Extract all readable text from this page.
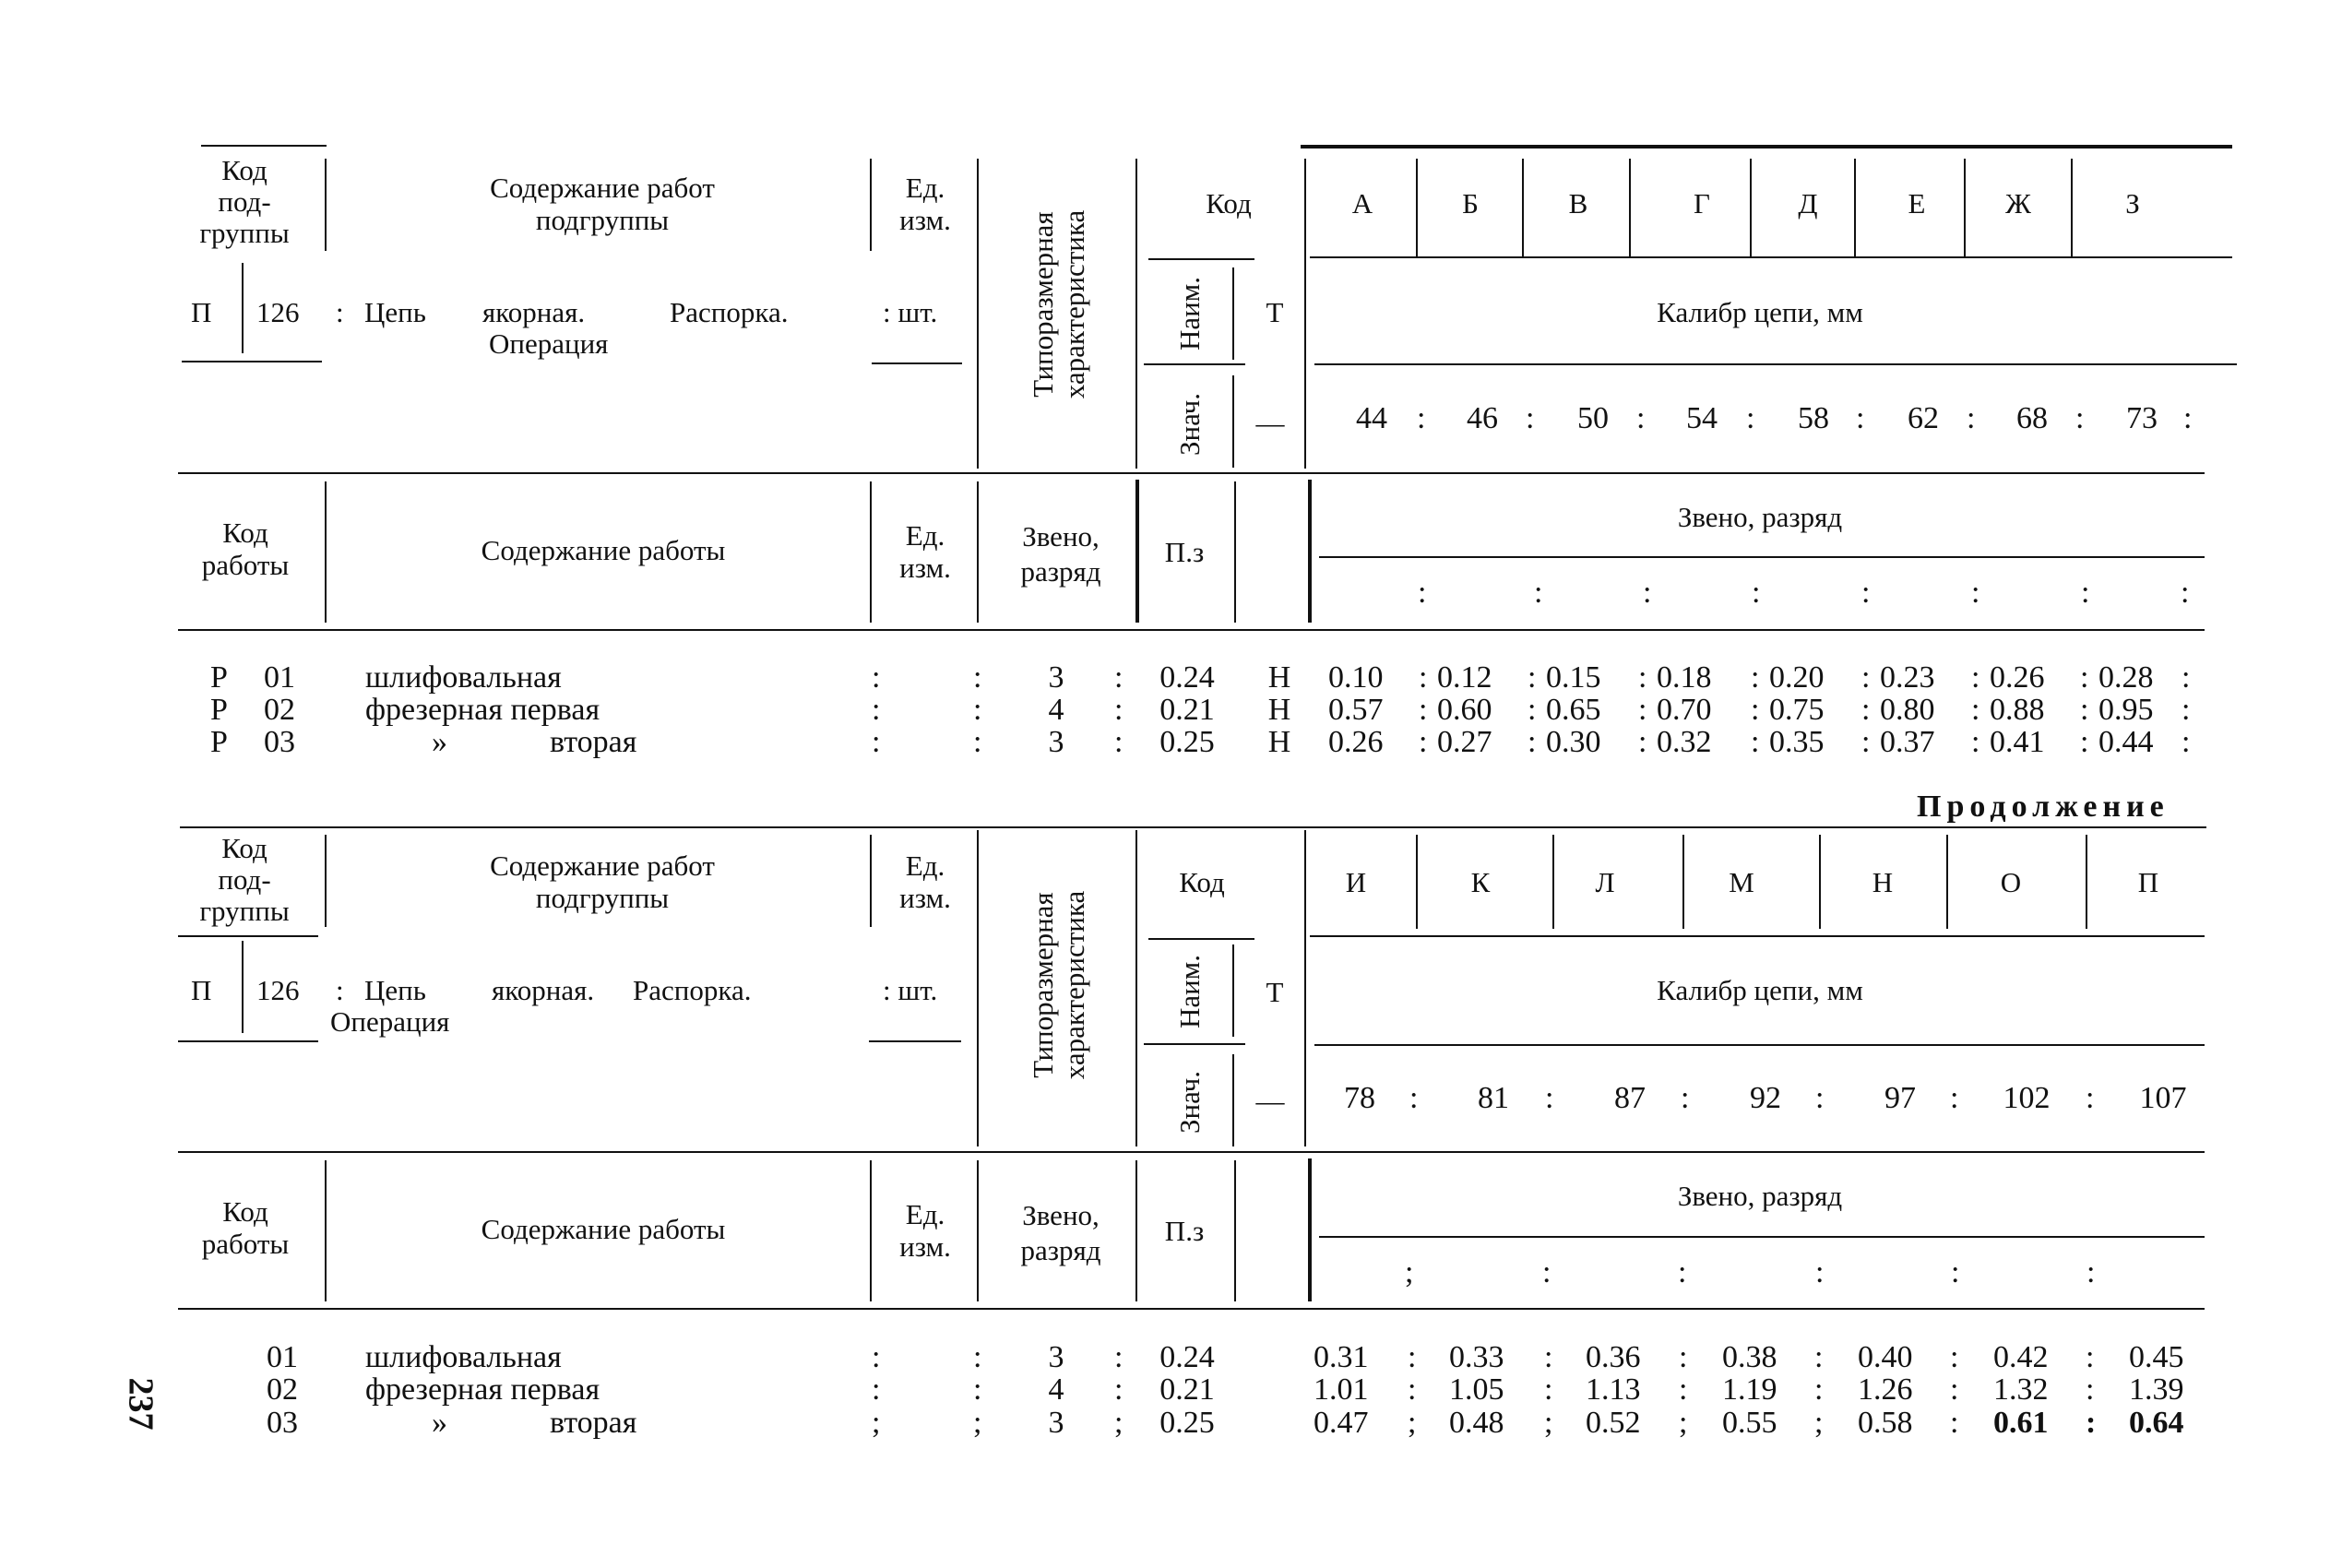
Код
под-
группы
Содержание работ
подгруппы
Ед.
изм.	Типоразмерная характеристика
Код
Наим.
Знач.
Т
—
А	Б	В	Г	Д	Е	Ж	З
П 126 : Цепь якорная.	Распорка.
Операция
: шт.	Калибр цепи, мм
44	46	50 54	58	62 68	73
:	:	:	:	:	:	:	:
Код
работы	Содержание работы	Ед.
изм.
Звено,
разряд
П.з
Звено, разряд
:	:	:	:	:	:	:	:
Р 01 шлифовальная	:	: 3 : 0.24 Н 0.10 : 0.12 : 0.15 : 0.18 : 0.20 : 0.23 : 0.26 : 0.28 :
Р 02 фрезерная первая	:	: 4 : 0.21 Н 0.57 : 0.60 : 0.65 : 0.70 : 0.75 : 0.80 : 0.88 : 0.95 :
Р 03	»	вторая	:	: 3 : 0.25 Н 0.26 : 0.27 : 0.30 : 0.32 : 0.35 : 0.37 : 0.41 : 0.44 :
Продолжение
Код
под-
группы
Содержание работ
подгруппы
Ед.
изм.	Типоразмерная характеристика
Код
Наим.
Знач.
Т
—
И	К	Л	М	Н	О	П
П 126 : Цепь якорная. Распорка.
Операция
: шт.	Калибр цепи, мм
78	81	87	92	97	102	107
:	:	:	:	:	:
Код
работы	Содержание работы	Ед.
изм.
Звено,
разряд
П.з
Звено, разряд
;	:	:	:	:	:
01 шлифовальная	:	: 3 : 0.24	0.31 : 0.33 : 0.36 : 0.38 : 0.40 : 0.42 : 0.45
02 фрезерная первая	:	: 4 : 0.21	1.01 : 1.05 : 1.13 : 1.19 : 1.26 : 1.32 : 1.39
03	»	вторая	;	; 3 ; 0.25	0.47 ; 0.48 ; 0.52 ; 0.55 ; 0.58 : 0.61 : 0.64
237
